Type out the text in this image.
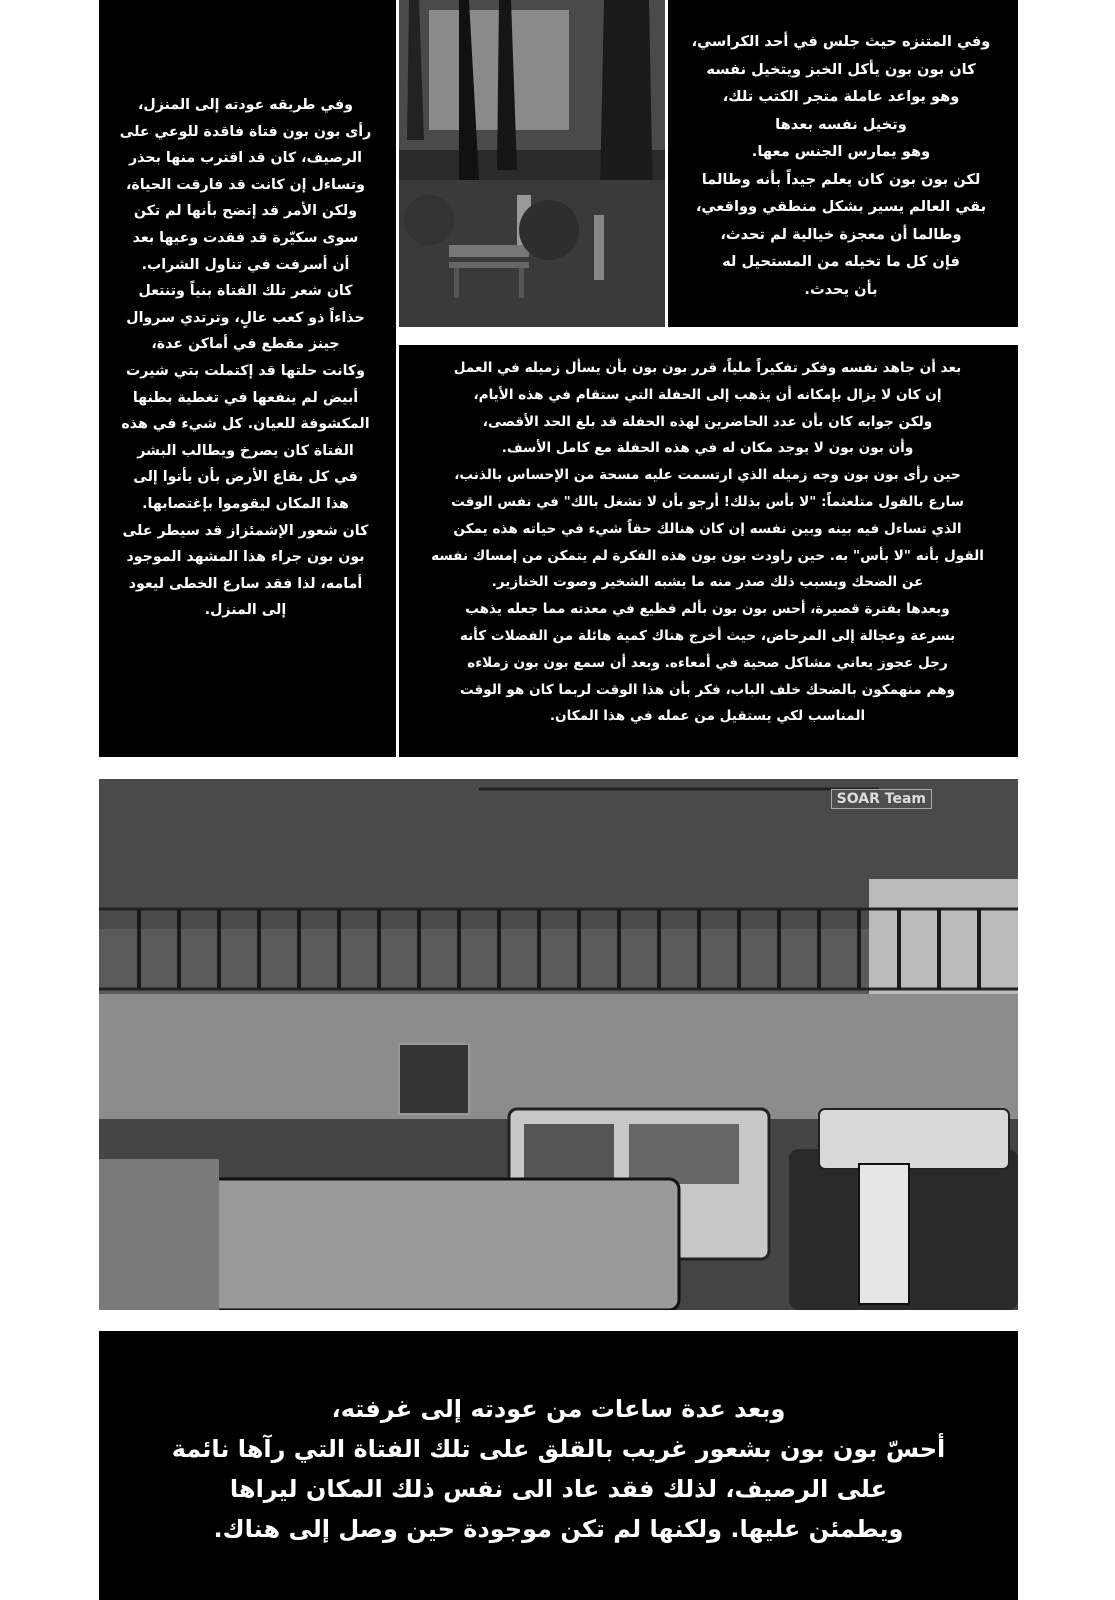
وفي المتنزه حيث جلس في أحد الكراسي،
كان بون بون يأكل الخبز ويتخيل نفسه
وهو يواعد عاملة متجر الكتب تلك،
وتخيل نفسه بعدها
وهو يمارس الجنس معها.
لكن بون بون كان يعلم جيداً بأنه وطالما
بقي العالم يسير بشكل منطقي وواقعي،
وطالما أن معجزة خيالية لم تحدث،
فإن كل ما تخيله من المستحيل له
بأن يحدث.

وفي طريقه عودته إلى المنزل،
رأى بون بون فتاة فاقدة للوعي على
الرصيف، كان قد اقترب منها بحذر
وتساءل إن كانت قد فارقت الحياة،
ولكن الأمر قد إتضح بأنها لم تكن
سوى سكيّرة قد فقدت وعيها بعد
أن أسرفت في تناول الشراب.
كان شعر تلك الفتاة بنياً وتنتعل
حذاءاً ذو كعب عالٍ، وترتدي سروال
جينز مقطع في أماكن عدة،
وكانت حلتها قد إكتملت بتي شيرت
أبيض لم ينفعها في تغطية بطنها
المكشوفة للعيان. كل شيء في هذه
الفتاة كان يصرخ ويطالب البشر
في كل بقاع الأرض بأن يأتوا إلى
هذا المكان ليقوموا بإغتصابها.
كان شعور الإشمئزاز قد سيطر على
بون بون جراء هذا المشهد الموجود
أمامه، لذا فقد سارع الخطى ليعود
إلى المنزل.

بعد أن جاهد نفسه وفكر تفكيراً ملياً، قرر بون بون بأن يسأل زميله في العمل
إن كان لا يزال بإمكانه أن يذهب إلى الحفلة التي ستقام في هذه الأيام،
ولكن جوابه كان بأن عدد الحاضرين لهذه الحفلة قد بلغ الحد الأقصى،
وأن بون بون لا يوجد مكان له في هذه الحفلة مع كامل الأسف.
حين رأى بون بون وجه زميله الذي ارتسمت عليه مسحة من الإحساس بالذنب،
سارع بالقول متلعثماً: "لا بأس بذلك! أرجو بأن لا تشغل بالك" في نفس الوقت
الذي تساءل فيه بينه وبين نفسه إن كان هنالك حقاً شيء في حياته هذه يمكن
القول بأنه "لا بأس" به. حين راودت بون بون هذه الفكرة لم يتمكن من إمساك نفسه
عن الضحك وبسبب ذلك صدر منه ما يشبه الشخير وصوت الخنازير.
وبعدها بفترة قصيرة، أحس بون بون بألم فظيع في معدته مما جعله يذهب
بسرعة وعجالة إلى المرحاض، حيث أخرج هناك كمية هائلة من الفضلات كأنه
رجل عجوز يعاني مشاكل صحية في أمعاءه. وبعد أن سمع بون بون زملاءه
وهم منهمكون بالضحك خلف الباب، فكر بأن هذا الوقت لربما كان هو الوقت
المناسب لكي يستقيل من عمله في هذا المكان.

SOAR Team

وبعد عدة ساعات من عودته إلى غرفته،
أحسّ بون بون بشعور غريب بالقلق على تلك الفتاة التي رآها نائمة
على الرصيف، لذلك فقد عاد الى نفس ذلك المكان ليراها
ويطمئن عليها. ولكنها لم تكن موجودة حين وصل إلى هناك.
